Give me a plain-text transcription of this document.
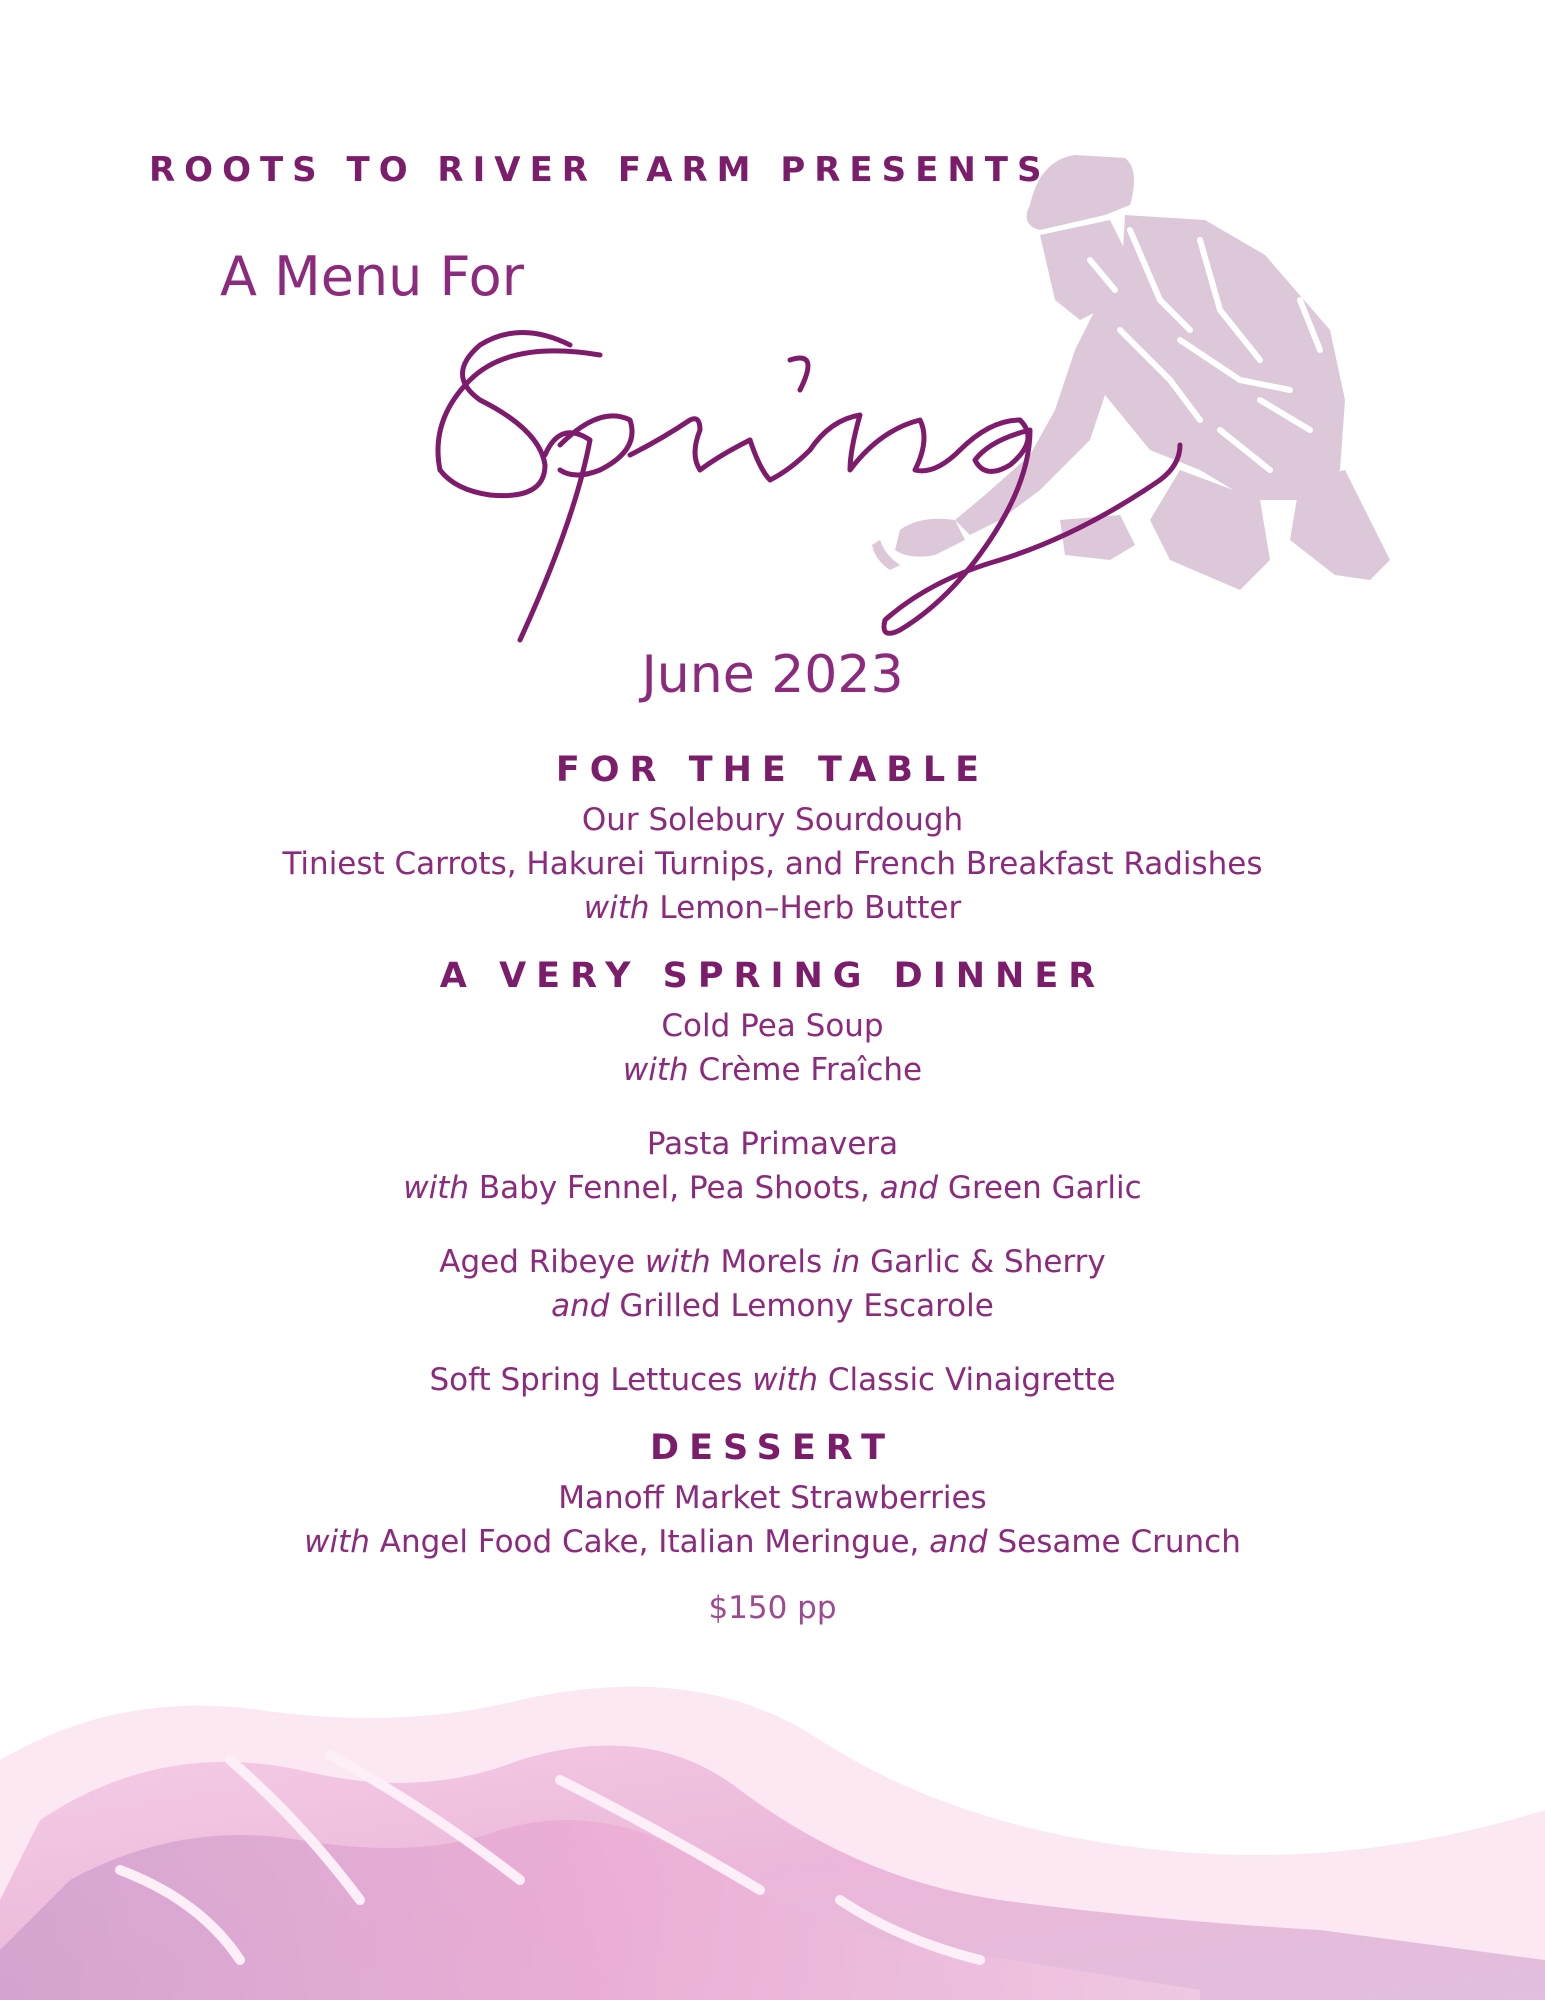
ROOTS TO RIVER FARM PRESENTS
A Menu For
June 2023
FOR THE TABLE
Our Solebury Sourdough
Tiniest Carrots, Hakurei Turnips, and French Breakfast Radishes
with Lemon–Herb Butter
A VERY SPRING DINNER
Cold Pea Soup
with Crème Fraîche
Pasta Primavera
with Baby Fennel, Pea Shoots, and Green Garlic
Aged Ribeye with Morels in Garlic & Sherry
and Grilled Lemony Escarole
Soft Spring Lettuces with Classic Vinaigrette
DESSERT
Manoff Market Strawberries
with Angel Food Cake, Italian Meringue, and Sesame Crunch
$150 pp
